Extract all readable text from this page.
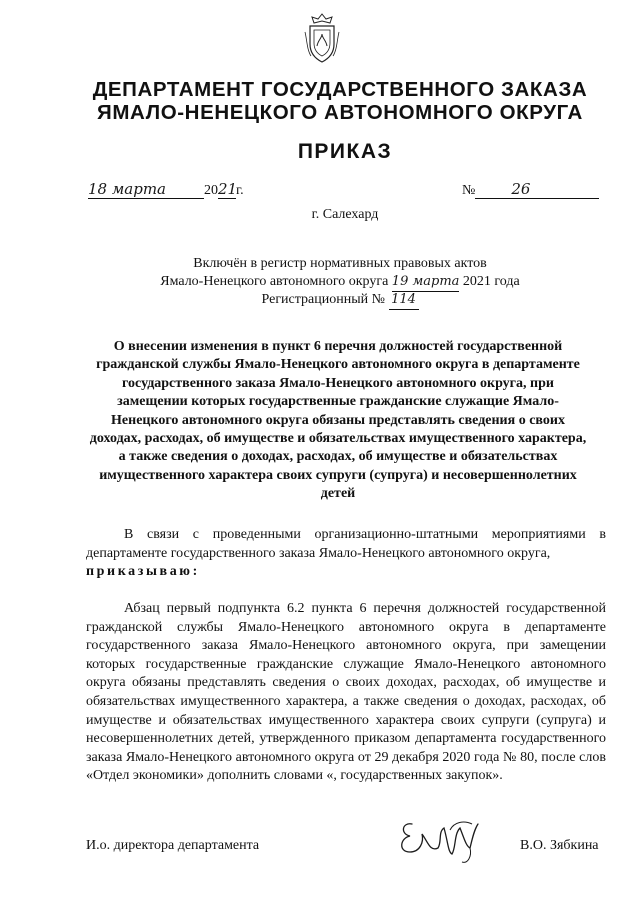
ДЕПАРТАМЕНТ ГОСУДАРСТВЕННОГО ЗАКАЗА
ЯМАЛО-НЕНЕЦКОГО АВТОНОМНОГО ОКРУГА
ПРИКАЗ
18 марта	2021г.	№ 26
г. Салехард
Включён в регистр нормативных правовых актов
Ямало-Ненецкого автономного округа 19 марта 2021 года
Регистрационный № 114
О внесении изменения в пункт 6 перечня должностей государственной гражданской службы Ямало-Ненецкого автономного округа в департаменте государственного заказа Ямало-Ненецкого автономного округа, при замещении которых государственные гражданские служащие Ямало-Ненецкого автономного округа обязаны представлять сведения о своих доходах, расходах, об имуществе и обязательствах имущественного характера, а также сведения о доходах, расходах, об имуществе и обязательствах имущественного характера своих супруги (супруга) и несовершеннолетних детей
В связи с проведенными организационно-штатными мероприятиями в департаменте государственного заказа Ямало-Ненецкого автономного округа,
приказываю:
Абзац первый подпункта 6.2 пункта 6 перечня должностей государственной гражданской службы Ямало-Ненецкого автономного округа в департаменте государственного заказа Ямало-Ненецкого автономного округа, при замещении которых государственные гражданские служащие Ямало-Ненецкого автономного округа обязаны представлять сведения о своих доходах, расходах, об имуществе и обязательствах имущественного характера, а также сведения о доходах, расходах, об имуществе и обязательствах имущественного характера своих супруги (супруга) и несовершеннолетних детей, утвержденного приказом департамента государственного заказа Ямало-Ненецкого автономного округа от 29 декабря 2020 года № 80, после слов «Отдел экономики» дополнить словами «, государственных закупок».
И.о. директора департамента	В.О. Зябкина
